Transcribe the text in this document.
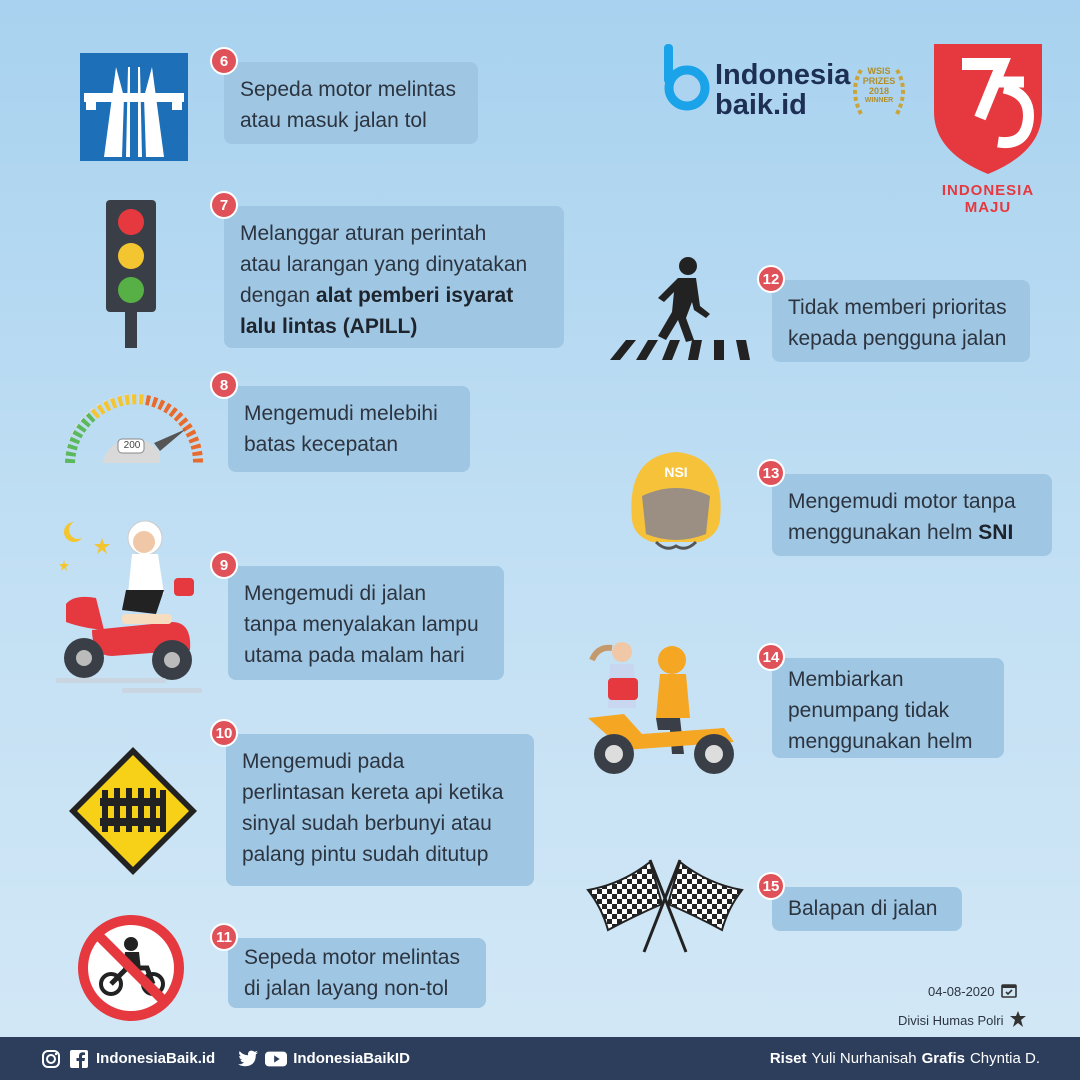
Indonesia
baik.id
WSIS
PRIZES
2018
WINNER
INDONESIA
MAJU
Sepeda motor melintas
atau masuk jalan tol
6
Melanggar aturan perintah
atau larangan yang dinyatakan
dengan alat pemberi isyarat
lalu lintas (APILL)
7
200
Mengemudi melebihi
batas kecepatan
8
Mengemudi di jalan
tanpa menyalakan lampu
utama pada malam hari
9
Mengemudi pada
perlintasan kereta api ketika
sinyal sudah berbunyi atau
palang pintu sudah ditutup
10
Sepeda motor melintas
di jalan layang non-tol
11
Tidak memberi prioritas
kepada pengguna jalan
12
NSI
Mengemudi motor tanpa
menggunakan helm SNI
13
Membiarkan
penumpang tidak
menggunakan helm
14
Balapan di jalan
15
04-08-2020
Divisi Humas Polri
IndonesiaBaik.id	IndonesiaBaikID	Riset Yuli Nurhanisah Grafis Chyntia D.
